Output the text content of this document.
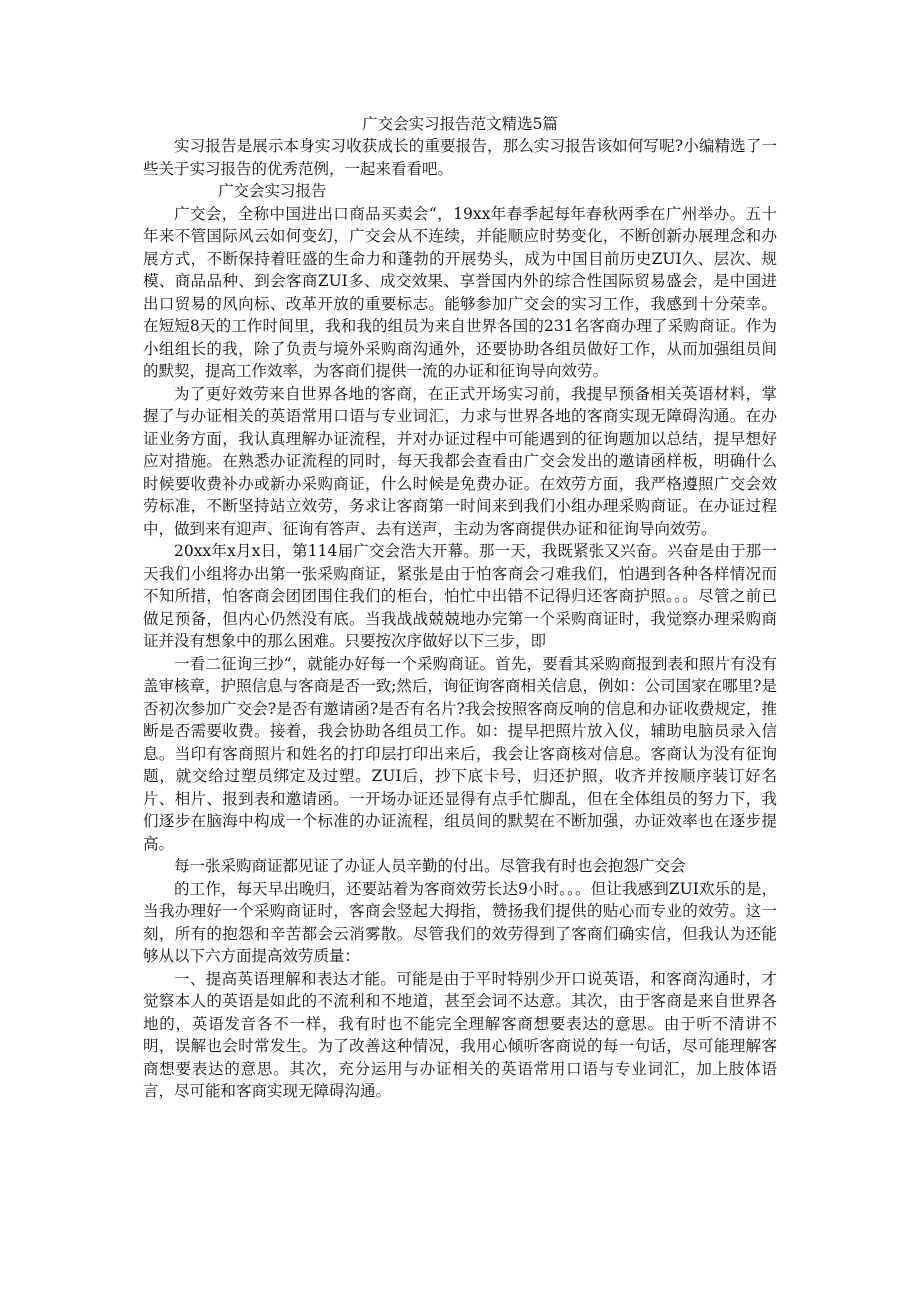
广交会实习报告范文精选5篇

实习报告是展示本身实习收获成长的重要报告，那么实习报告该如何写呢?小编精选了一些关于实习报告的优秀范例，一起来看看吧。

广交会实习报告

广交会，全称中国进出口商品买卖会“，19xx年春季起每年春秋两季在广州举办。五十年来不管国际风云如何变幻，广交会从不连续，并能顺应时势变化，不断创新办展理念和办展方式，不断保持着旺盛的生命力和蓬勃的开展势头，成为中国目前历史ZUI久、层次、规模、商品品种、到会客商ZUI多、成交效果、享誉国内外的综合性国际贸易盛会，是中国进出口贸易的风向标、改革开放的重要标志。能够参加广交会的实习工作，我感到十分荣幸。在短短8天的工作时间里，我和我的组员为来自世界各国的231名客商办理了采购商证。作为小组组长的我，除了负责与境外采购商沟通外，还要协助各组员做好工作，从而加强组员间的默契，提高工作效率，为客商们提供一流的办证和征询导向效劳。

为了更好效劳来自世界各地的客商，在正式开场实习前，我提早预备相关英语材料，掌握了与办证相关的英语常用口语与专业词汇，力求与世界各地的客商实现无障碍沟通。在办证业务方面，我认真理解办证流程，并对办证过程中可能遇到的征询题加以总结，提早想好应对措施。在熟悉办证流程的同时，每天我都会查看由广交会发出的邀请函样板，明确什么时候要收费补办或新办采购商证，什么时候是免费办证。在效劳方面，我严格遵照广交会效劳标准，不断坚持站立效劳，务求让客商第一时间来到我们小组办理采购商证。在办证过程中，做到来有迎声、征询有答声、去有送声，主动为客商提供办证和征询导向效劳。

20xx年x月x日，第114届广交会浩大开幕。那一天，我既紧张又兴奋。兴奋是由于那一天我们小组将办出第一张采购商证，紧张是由于怕客商会刁难我们，怕遇到各种各样情况而不知所措，怕客商会团团围住我们的柜台，怕忙中出错不记得归还客商护照。。。尽管之前已做足预备，但内心仍然没有底。当我战战兢兢地办完第一个采购商证时，我觉察办理采购商证并没有想象中的那么困难。只要按次序做好以下三步，即

一看二征询三抄“，就能办好每一个采购商证。首先，要看其采购商报到表和照片有没有盖审核章，护照信息与客商是否一致;然后，询征询客商相关信息，例如：公司国家在哪里?是否初次参加广交会?是否有邀请函?是否有名片?我会按照客商反响的信息和办证收费规定，推断是否需要收费。接着，我会协助各组员工作。如：提早把照片放入仪，辅助电脑员录入信息。当印有客商照片和姓名的打印层打印出来后，我会让客商核对信息。客商认为没有征询题，就交给过塑员绑定及过塑。ZUI后，抄下底卡号，归还护照，收齐并按顺序装订好名片、相片、报到表和邀请函。一开场办证还显得有点手忙脚乱，但在全体组员的努力下，我们逐步在脑海中构成一个标准的办证流程，组员间的默契在不断加强，办证效率也在逐步提高。

每一张采购商证都见证了办证人员辛勤的付出。尽管我有时也会抱怨广交会

的工作，每天早出晚归，还要站着为客商效劳长达9小时。。。但让我感到ZUI欢乐的是，当我办理好一个采购商证时，客商会竖起大拇指，赞扬我们提供的贴心而专业的效劳。这一刻，所有的抱怨和辛苦都会云消雾散。尽管我们的效劳得到了客商们确实信，但我认为还能够从以下六方面提高效劳质量：

一、提高英语理解和表达才能。可能是由于平时特别少开口说英语，和客商沟通时，才觉察本人的英语是如此的不流利和不地道，甚至会词不达意。其次，由于客商是来自世界各地的，英语发音各不一样，我有时也不能完全理解客商想要表达的意思。由于听不清讲不明，误解也会时常发生。为了改善这种情况，我用心倾听客商说的每一句话，尽可能理解客商想要表达的意思。其次，充分运用与办证相关的英语常用口语与专业词汇，加上肢体语言，尽可能和客商实现无障碍沟通。
